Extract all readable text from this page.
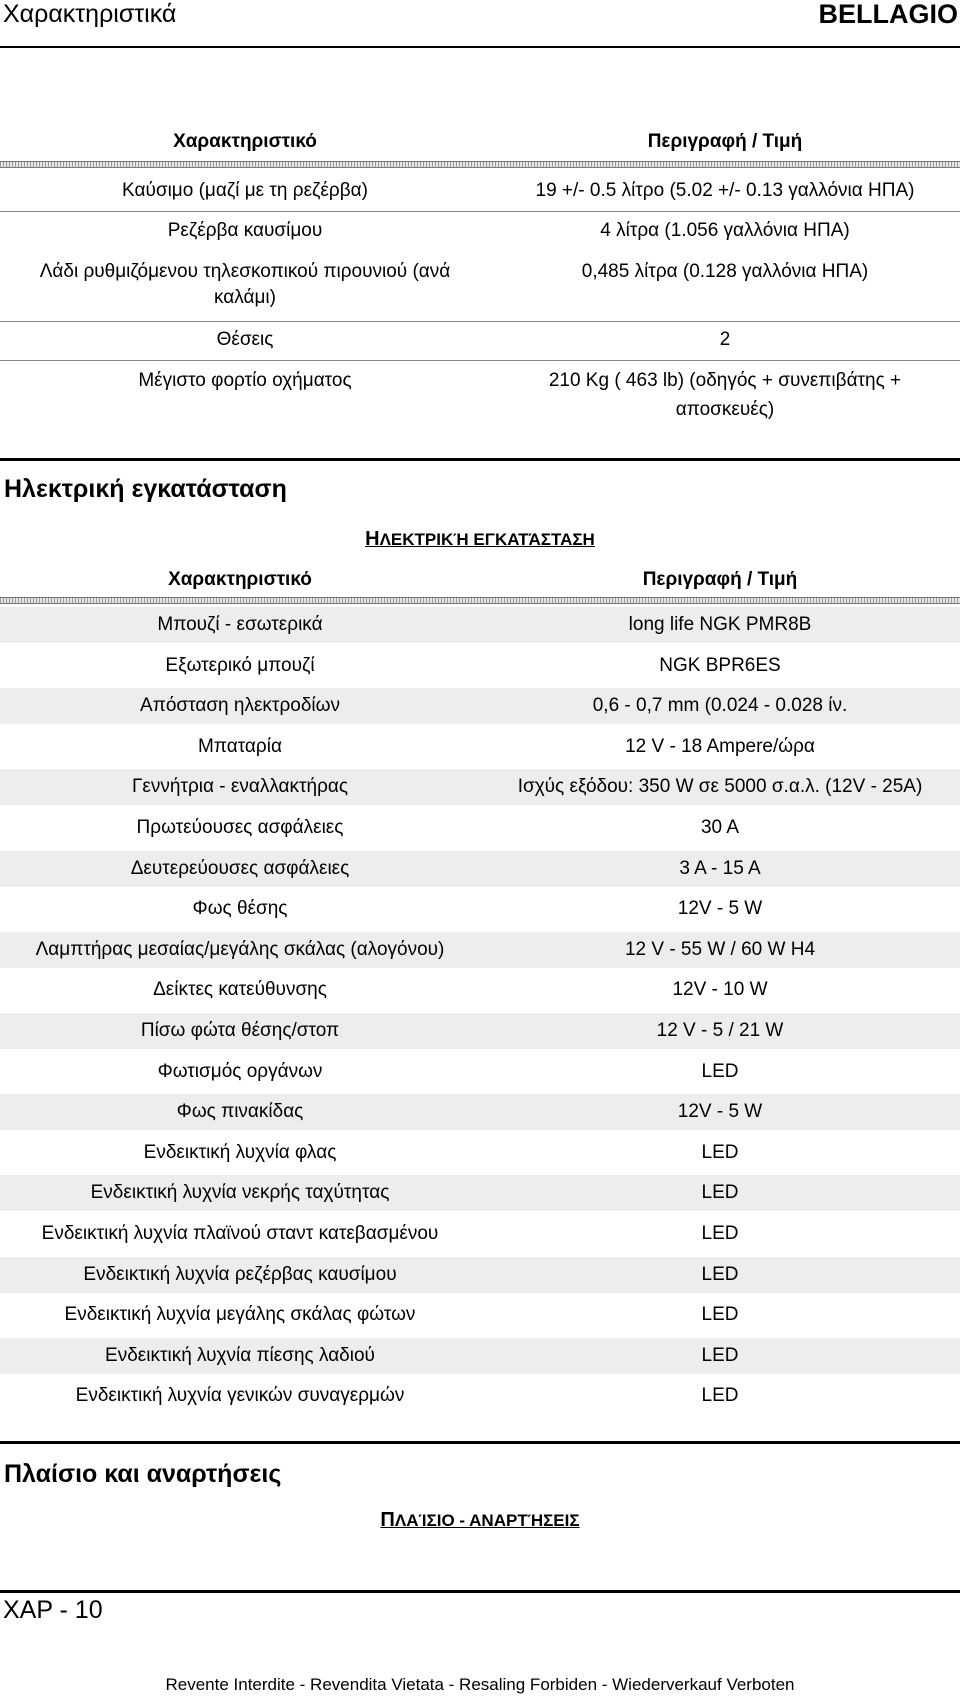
Χαρακτηριστικά	BELLAGIO
Χαρακτηριστικό	Περιγραφή / Τιμή
Καύσιμο (μαζί με τη ρεζέρβα)	19 +/- 0.5 λίτρο (5.02 +/- 0.13 γαλλόνια ΗΠΑ)
Ρεζέρβα καυσίμου	4 λίτρα (1.056 γαλλόνια ΗΠΑ)
Λάδι ρυθμιζόμενου τηλεσκοπικού πιρουνιού (ανά	0,485 λίτρα (0.128 γαλλόνια ΗΠΑ)
καλάμι)
Θέσεις	2
Μέγιστο φορτίο οχήματος	210 Kg ( 463 lb) (οδηγός + συνεπιβάτης +
αποσκευές)
Ηλεκτρική εγκατάσταση
ΗΛΕΚΤΡΙΚΉ ΕΓΚΑΤΆΣΤΑΣΗ
Χαρακτηριστικό	Περιγραφή / Τιμή
Μπουζί - εσωτερικά	long life NGK PMR8B
Εξωτερικό μπουζί	NGK BPR6ES
Απόσταση ηλεκτροδίων	0,6 - 0,7 mm (0.024 - 0.028 ίν.
Μπαταρία	12 V - 18 Ampere/ώρα
Γεννήτρια - εναλλακτήρας	Ισχύς εξόδου: 350 W σε 5000 σ.α.λ. (12V - 25A)
Πρωτεύουσες ασφάλειες	30 A
Δευτερεύουσες ασφάλειες	3 A - 15 A
Φως θέσης	12V - 5 W
Λαμπτήρας μεσαίας/μεγάλης σκάλας (αλογόνου)	12 V - 55 W / 60 W H4
Δείκτες κατεύθυνσης	12V - 10 W
Πίσω φώτα θέσης/στοπ	12 V - 5 / 21 W
Φωτισμός οργάνων	LED
Φως πινακίδας	12V - 5 W
Ενδεικτική λυχνία φλας	LED
Ενδεικτική λυχνία νεκρής ταχύτητας	LED
Ενδεικτική λυχνία πλαϊνού σταντ κατεβασμένου	LED
Ενδεικτική λυχνία ρεζέρβας καυσίμου	LED
Ενδεικτική λυχνία μεγάλης σκάλας φώτων	LED
Ενδεικτική λυχνία πίεσης λαδιού	LED
Ενδεικτική λυχνία γενικών συναγερμών	LED
Πλαίσιο και αναρτήσεις
ΠΛΑΊΣΙΟ - ΑΝΑΡΤΉΣΕΙΣ
ΧΑΡ - 10
Revente Interdite - Revendita Vietata - Resaling Forbiden - Wiederverkauf Verboten
